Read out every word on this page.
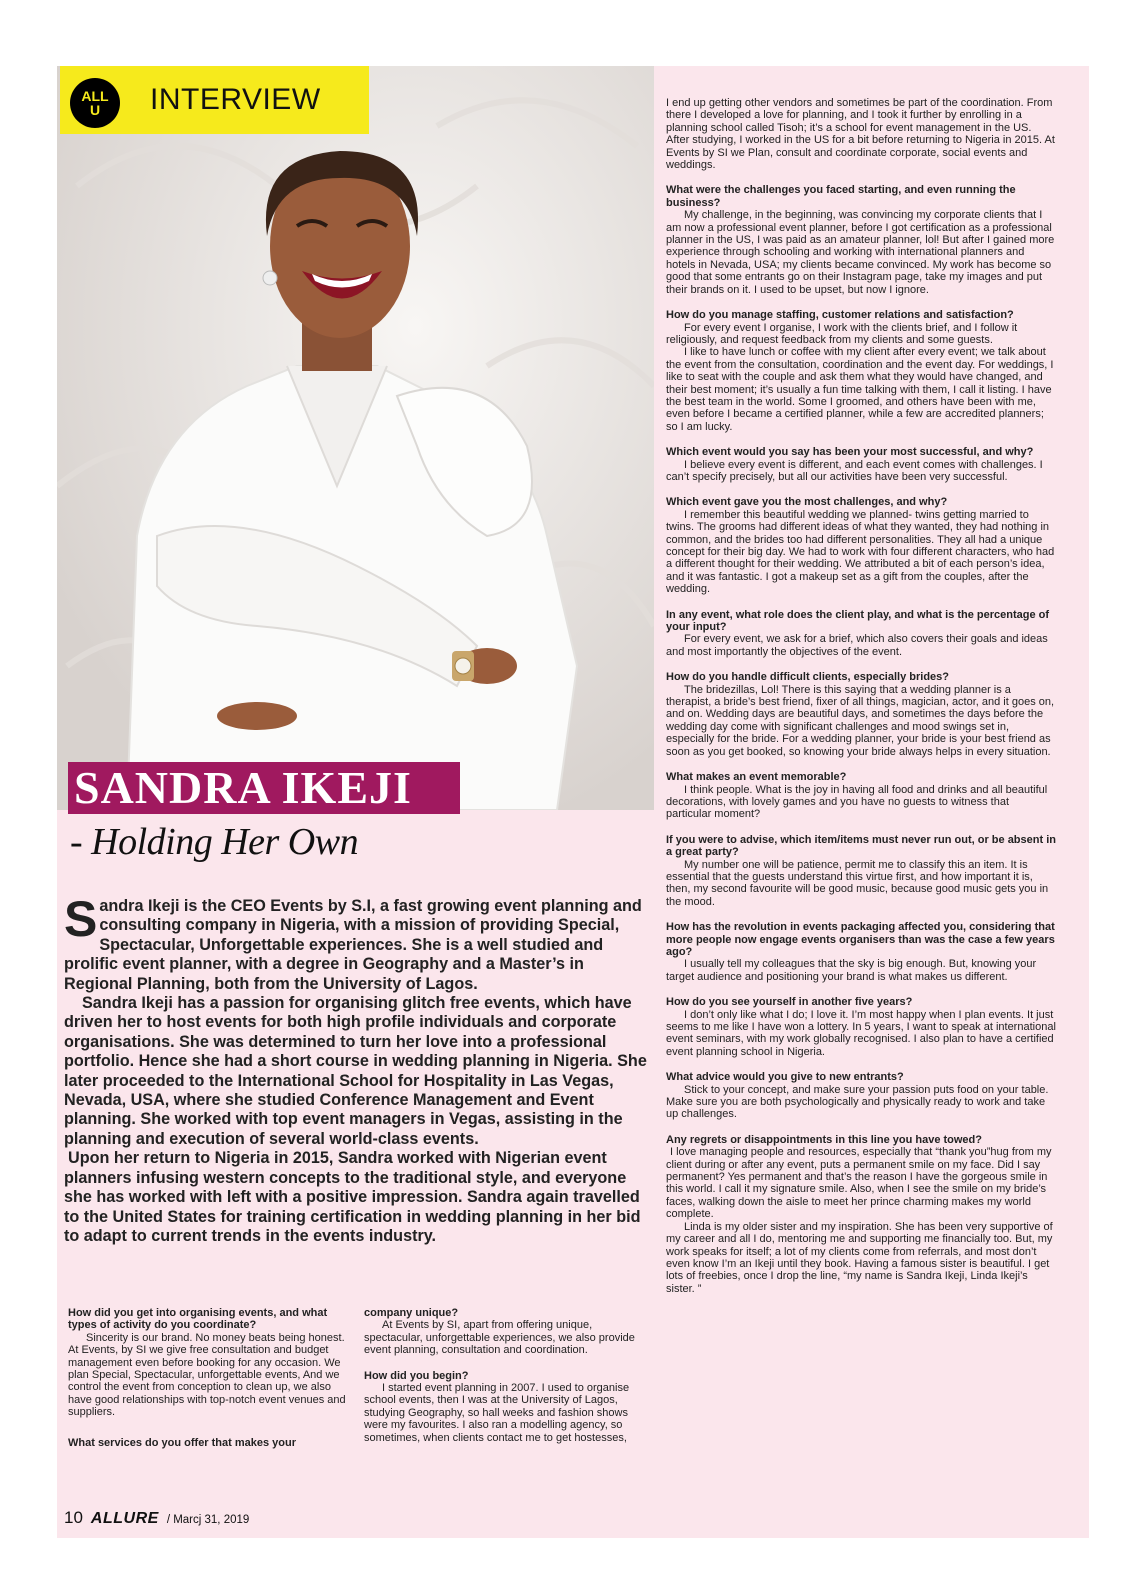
ALL
U INTERVIEW
SANDRA IKEJI
- Holding Her Own

Sandra Ikeji is the CEO Events by S.I, a fast growing event planning and consulting company in Nigeria, with a mission of providing Special, Spectacular, Unforgettable experiences. She is a well studied and prolific event planner, with a degree in Geography and a Master’s in Regional Planning, both from the University of Lagos.

Sandra Ikeji has a passion for organising glitch free events, which have driven her to host events for both high profile individuals and corporate organisations. She was determined to turn her love into a professional portfolio. Hence she had a short course in wedding planning in Nigeria. She later proceeded to the International School for Hospitality in Las Vegas, Nevada, USA, where she studied Conference Management and Event planning. She worked with top event managers in Vegas, assisting in the planning and execution of several world-class events.

Upon her return to Nigeria in 2015, Sandra worked with Nigerian event planners infusing western concepts to the traditional style, and everyone she has worked with left with a positive impression. Sandra again travelled to the United States for training certification in wedding planning in her bid to adapt to current trends in the events industry.

How did you get into organising events, and what types of activity do you coordinate?

Sincerity is our brand. No money beats being honest. At Events, by SI we give free consultation and budget management even before booking for any occasion. We plan Special, Spectacular, unforgettable events, And we control the event from conception to clean up, we also have good relationships with top-notch event venues and suppliers.

What services do you offer that makes your

company unique?

At Events by SI, apart from offering unique, spectacular, unforgettable experiences, we also provide event planning, consultation and coordination.

How did you begin?

I started event planning in 2007. I used to organise school events, then I was at the University of Lagos, studying Geography, so hall weeks and fashion shows were my favourites. I also ran a modelling agency, so sometimes, when clients contact me to get hostesses,

I end up getting other vendors and sometimes be part of the coordination. From there I developed a love for planning, and I took it further by enrolling in a planning school called Tisoh; it’s a school for event management in the US. After studying, I worked in the US for a bit before returning to Nigeria in 2015. At Events by SI we Plan, consult and coordinate corporate, social events and weddings.

What were the challenges you faced starting, and even running the business?

My challenge, in the beginning, was convincing my corporate clients that I am now a professional event planner, before I got certification as a professional planner in the US, I was paid as an amateur planner, lol! But after I gained more experience through schooling and working with international planners and hotels in Nevada, USA; my clients became convinced. My work has become so good that some entrants go on their Instagram page, take my images and put their brands on it. I used to be upset, but now I ignore.

How do you manage staffing, customer relations and satisfaction?

For every event I organise, I work with the clients brief, and I follow it religiously, and request feedback from my clients and some guests.

I like to have lunch or coffee with my client after every event; we talk about the event from the consultation, coordination and the event day. For weddings, I like to seat with the couple and ask them what they would have changed, and their best moment; it’s usually a fun time talking with them, I call it listing. I have the best team in the world. Some I groomed, and others have been with me, even before I became a certified planner, while a few are accredited planners; so I am lucky.

Which event would you say has been your most successful, and why?

I believe every event is different, and each event comes with challenges. I can’t specify precisely, but all our activities have been very successful.

Which event gave you the most challenges, and why?

I remember this beautiful wedding we planned- twins getting married to twins. The grooms had different ideas of what they wanted, they had nothing in common, and the brides too had different personalities. They all had a unique concept for their big day. We had to work with four different characters, who had a different thought for their wedding. We attributed a bit of each person’s idea, and it was fantastic. I got a makeup set as a gift from the couples, after the wedding.

In any event, what role does the client play, and what is the percentage of your input?

For every event, we ask for a brief, which also covers their goals and ideas and most importantly the objectives of the event.

How do you handle difficult clients, especially brides?

The bridezillas, Lol! There is this saying that a wedding planner is a therapist, a bride’s best friend, fixer of all things, magician, actor, and it goes on, and on. Wedding days are beautiful days, and sometimes the days before the wedding day come with significant challenges and mood swings set in, especially for the bride. For a wedding planner, your bride is your best friend as soon as you get booked, so knowing your bride always helps in every situation.

What makes an event memorable?

I think people. What is the joy in having all food and drinks and all beautiful decorations, with lovely games and you have no guests to witness that particular moment?

If you were to advise, which item/items must never run out, or be absent in a great party?

My number one will be patience, permit me to classify this an item. It is essential that the guests understand this virtue first, and how important it is, then, my second favourite will be good music, because good music gets you in the mood.

How has the revolution in events packaging affected you, considering that more people now engage events organisers than was the case a few years ago?

I usually tell my colleagues that the sky is big enough. But, knowing your target audience and positioning your brand is what makes us different.

How do you see yourself in another five years?

I don’t only like what I do; I love it. I’m most happy when I plan events. It just seems to me like I have won a lottery. In 5 years, I want to speak at international event seminars, with my work globally recognised. I also plan to have a certified event planning school in Nigeria.

What advice would you give to new entrants?

Stick to your concept, and make sure your passion puts food on your table. Make sure you are both psychologically and physically ready to work and take up challenges.

Any regrets or disappointments in this line you have towed?

I love managing people and resources, especially that “thank you”hug from my client during or after any event, puts a permanent smile on my face. Did I say permanent? Yes permanent and that’s the reason I have the gorgeous smile in this world. I call it my signature smile. Also, when I see the smile on my bride’s faces, walking down the aisle to meet her prince charming makes my world complete.

Linda is my older sister and my inspiration. She has been very supportive of my career and all I do, mentoring me and supporting me financially too. But, my work speaks for itself; a lot of my clients come from referrals, and most don’t even know I’m an Ikeji until they book. Having a famous sister is beautiful. I get lots of freebies, once I drop the line, “my name is Sandra Ikeji, Linda Ikeji’s sister. ”

10 ALLURE / Marcj 31, 2019
